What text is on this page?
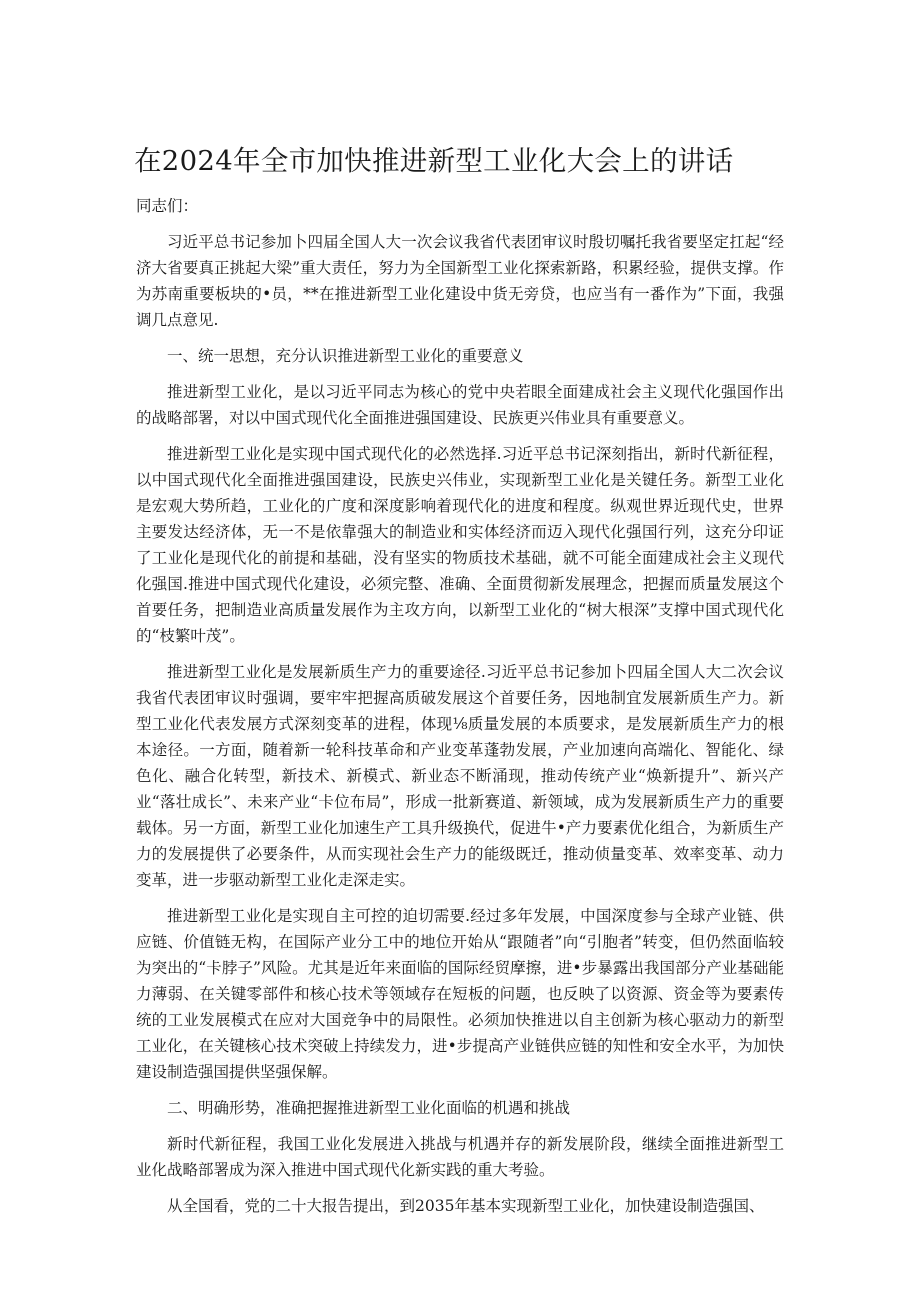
在2024年全市加快推进新型工业化大会上的讲话

同志们：

习近平总书记参加卜四届全国人大一次会议我省代表团审议时殷切嘱托我省要坚定扛起“经济大省要真正挑起大梁”重大责任，努力为全国新型工业化探索新路，积累经验，提供支撑。作为苏南重要板块的•员，**在推进新型工业化建设中货无旁贷，也应当有一番作为”下面，我强调几点意见.

一、统一思想，充分认识推进新型工业化的重要意义

推进新型工业化，是以习近平同志为核心的党中央若眼全面建成社会主义现代化强国作出的战略部署，对以中国式现代化全面推进强国建设、民族更兴伟业具有重要意义。

推进新型工业化是实现中国式现代化的必然选择.习近平总书记深刻指出，新时代新征程，以中国式现代化全面推进强国建设，民族史兴伟业，实现新型工业化是关键任务。新型工业化是宏观大势所趋，工业化的广度和深度影响着现代化的进度和程度。纵观世界近现代史，世界主要发达经济体，无一不是依靠强大的制造业和实体经济而迈入现代化强国行列，这充分印证了工业化是现代化的前提和基础，没有坚实的物质技术基础，就不可能全面建成社会主义现代化强国.推进中国式现代化建设，必须完整、准确、全面贯彻新发展理念，把握而质量发展这个首要任务，把制造业高质量发展作为主攻方向，以新型工业化的“树大根深”支撑中国式现代化的“枝繁叶茂”。

推进新型工业化是发展新质生产力的重要途径.习近平总书记参加卜四届全国人大二次会议我省代表团审议时强调，要牢牢把握高质破发展这个首要任务，因地制宜发展新质生产力。新型工业化代表发展方式深刻变革的进程，体现⅛质量发展的本质要求，是发展新质生产力的根本途径。一方面，随着新一轮科技革命和产业变革蓬勃发展，产业加速向高端化、智能化、绿色化、融合化转型，新技术、新模式、新业态不断涌现，推动传统产业“焕新提升”、新兴产业“落壮成长”、未来产业“卡位布局”，形成一批新赛道、新领域，成为发展新质生产力的重要载体。另一方面，新型工业化加速生产工具升级换代，促进牛•产力要素优化组合，为新质生产力的发展提供了必要条件，从而实现社会生产力的能级既迁，推动侦量变革、效率变革、动力变革，进一步驱动新型工业化走深走实。

推进新型工业化是实现自主可控的迫切需要.经过多年发展，中国深度参与全球产业链、供应链、价值链无构，在国际产业分工中的地位开始从“跟随者”向“引胞者”转变，但仍然面临较为突出的“卡脖子”风险。尤其是近年来面临的国际经贸摩擦，进•步暴露出我国部分产业基础能力薄弱、在关键零部件和核心技术等领域存在短板的问题，也反映了以资源、资金等为要素传统的工业发展模式在应对大国竞争中的局限性。必须加快推进以自主创新为核心驱动力的新型工业化，在关键核心技术突破上持续发力，进•步提高产业链供应链的知性和安全水平，为加快建设制造强国提供坚强保解。

二、明确形势，准确把握推进新型工业化面临的机遇和挑战

新时代新征程，我国工业化发展进入挑战与机遇并存的新发展阶段，继续全面推进新型工业化战略部署成为深入推进中国式现代化新实践的重大考验。

从全国看，党的二十大报告提出，到2035年基本实现新型工业化，加快建设制造强国、
